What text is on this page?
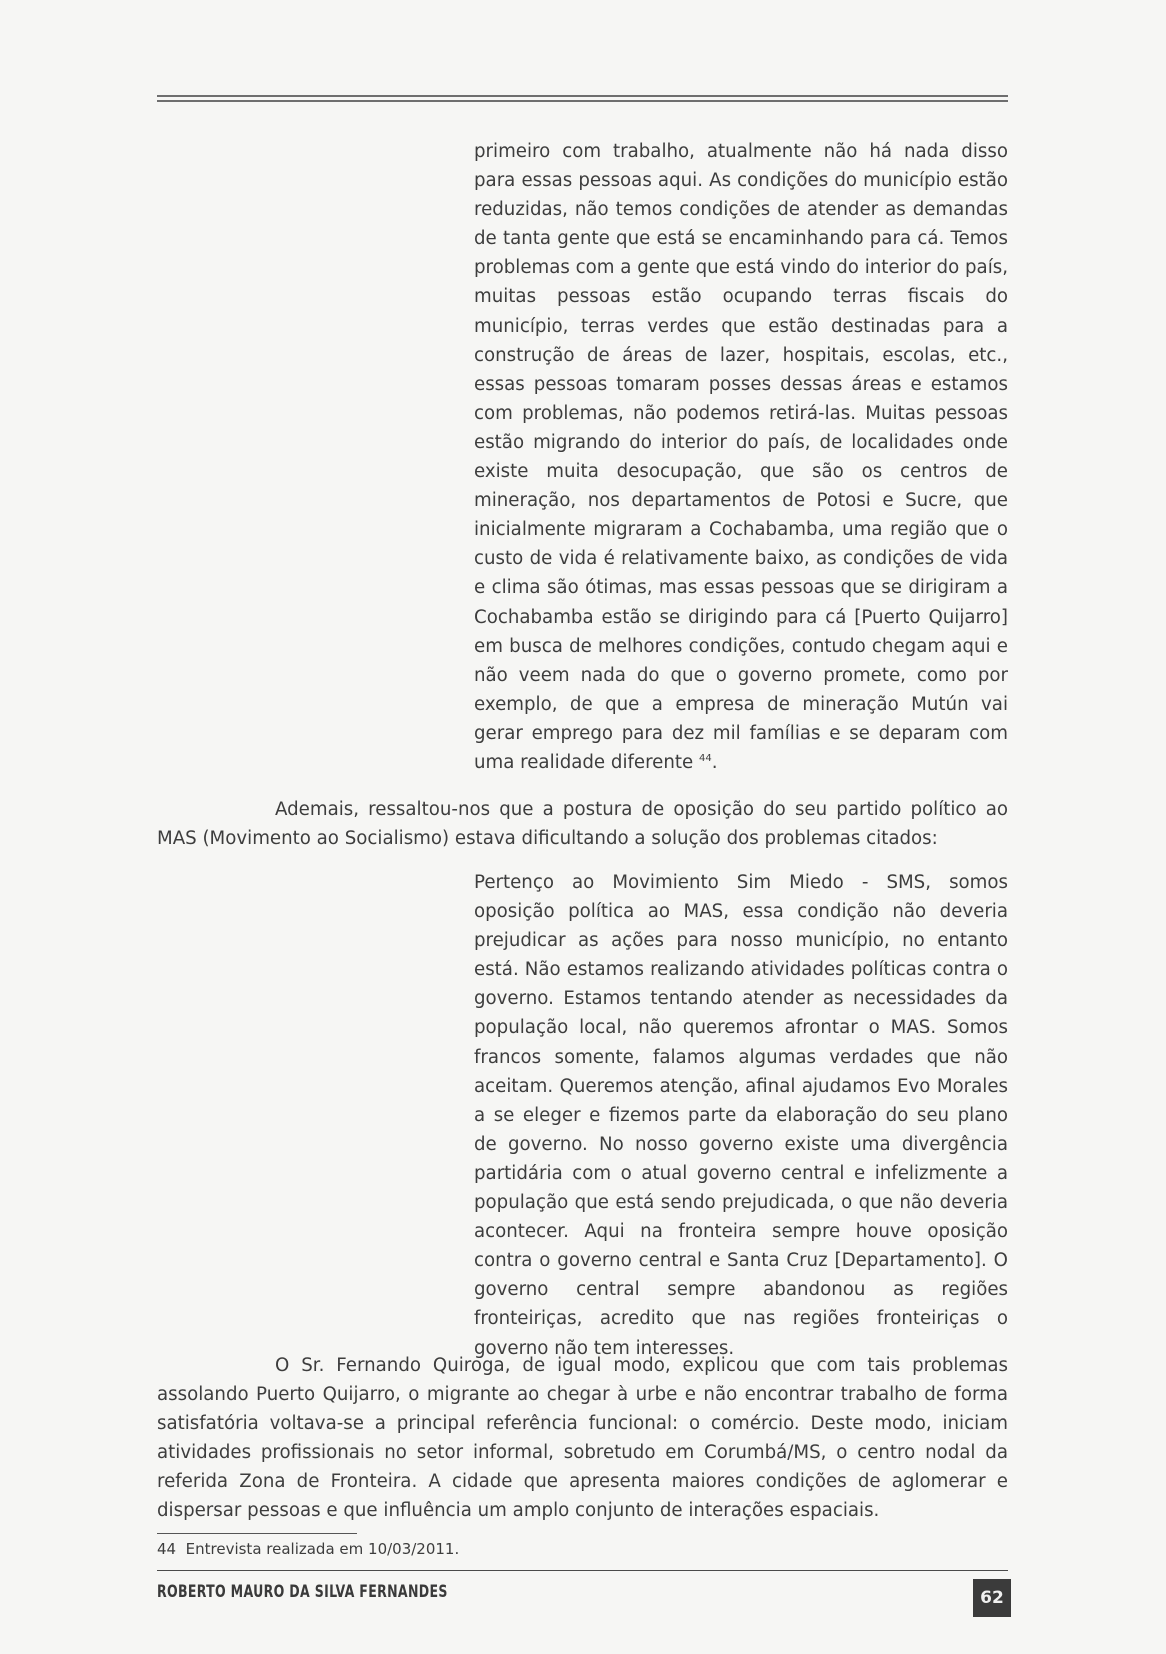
primeiro com trabalho, atualmente não há nada disso para essas pessoas aqui. As condições do município estão reduzidas, não temos condições de atender as demandas de tanta gente que está se encaminhando para cá. Temos problemas com a gente que está vindo do interior do país, muitas pessoas estão ocupando terras fiscais do município, terras verdes que estão destinadas para a construção de áreas de lazer, hospitais, escolas, etc., essas pessoas tomaram posses dessas áreas e estamos com problemas, não podemos retirá-las. Muitas pessoas estão migrando do interior do país, de localidades onde existe muita desocupação, que são os centros de mineração, nos departamentos de Potosi e Sucre, que inicialmente migraram a Cochabamba, uma região que o custo de vida é relativamente baixo, as condições de vida e clima são ótimas, mas essas pessoas que se dirigiram a Cochabamba estão se dirigindo para cá [Puerto Quijarro] em busca de melhores condições, contudo chegam aqui e não veem nada do que o governo promete, como por exemplo, de que a empresa de mineração Mutún vai gerar emprego para dez mil famílias e se deparam com uma realidade diferente $^{44}$.

Ademais, ressaltou-nos que a postura de oposição do seu partido político ao MAS (Movimento ao Socialismo) estava dificultando a solução dos problemas citados:

Pertenço ao Movimiento Sim Miedo - SMS, somos oposição política ao MAS, essa condição não deveria prejudicar as ações para nosso município, no entanto está. Não estamos realizando atividades políticas contra o governo. Estamos tentando atender as necessidades da população local, não queremos afrontar o MAS. Somos francos somente, falamos algumas verdades que não aceitam. Queremos atenção, afinal ajudamos Evo Morales a se eleger e fizemos parte da elaboração do seu plano de governo. No nosso governo existe uma divergência partidária com o atual governo central e infelizmente a população que está sendo prejudicada, o que não deveria acontecer. Aqui na fronteira sempre houve oposição contra o governo central e Santa Cruz [Departamento]. O governo central sempre abandonou as regiões fronteiriças, acredito que nas regiões fronteiriças o governo não tem interesses.

O Sr. Fernando Quiroga, de igual modo, explicou que com tais problemas assolando Puerto Quijarro, o migrante ao chegar à urbe e não encontrar trabalho de forma satisfatória voltava-se a principal referência funcional: o comércio. Deste modo, iniciam atividades profissionais no setor informal, sobretudo em Corumbá/MS, o centro nodal da referida Zona de Fronteira. A cidade que apresenta maiores condições de aglomerar e dispersar pessoas e que influência um amplo conjunto de interações espaciais.

44 Entrevista realizada em 10/03/2011.

ROBERTO MAURO DA SILVA FERNANDES	62
